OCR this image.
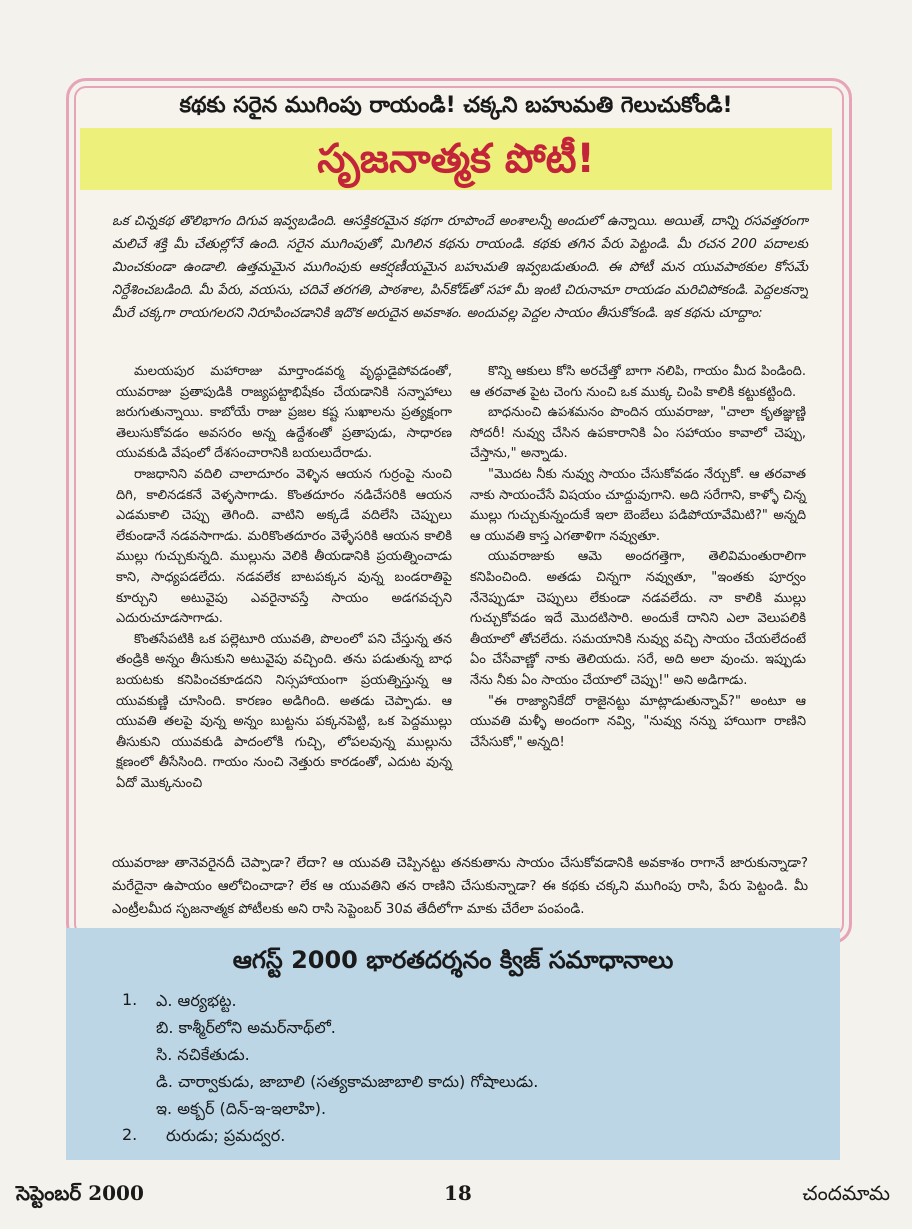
కథకు సరైన ముగింపు రాయండి! చక్కని బహుమతి గెలుచుకోండి!
సృజనాత్మక పోటీ!
ఒక చిన్నకథ తొలిభాగం దిగువ ఇవ్వబడింది. ఆసక్తికరమైన కథగా రూపొందే అంశాలన్నీ అందులో ఉన్నాయి. అయితే, దాన్ని రసవత్తరంగా మలిచే శక్తి మీ చేతుల్లోనే ఉంది. సరైన ముగింపుతో, మిగిలిన కథను రాయండి. కథకు తగిన పేరు పెట్టండి. మీ రచన 200 పదాలకు మించకుండా ఉండాలి. ఉత్తమమైన ముగింపుకు ఆకర్షణీయమైన బహుమతి ఇవ్వబడుతుంది. ఈ పోటీ మన యువపాఠకుల కోసమే నిర్దేశించబడింది. మీ పేరు, వయసు, చదివే తరగతి, పాఠశాల, పిన్‌కోడ్‌తో సహా మీ ఇంటి చిరునామా రాయడం మరిచిపోకండి. పెద్దలకన్నా మీరే చక్కగా రాయగలరని నిరూపించడానికి ఇదొక అరుదైన అవకాశం. అందువల్ల పెద్దల సాయం తీసుకోకండి. ఇక కథను చూద్దాం:

మలయపుర మహారాజు మార్తాండవర్మ వృద్ధుడైపోవడంతో, యువరాజు ప్రతాపుడికి రాజ్యపట్టాభిషేకం చేయడానికి సన్నాహాలు జరుగుతున్నాయి. కాబోయే రాజు ప్రజల కష్ట సుఖాలను ప్రత్యక్షంగా తెలుసుకోవడం అవసరం అన్న ఉద్దేశంతో ప్రతాపుడు, సాధారణ యువకుడి వేషంలో దేశసంచారానికి బయలుదేరాడు.

రాజధానిని వదిలి చాలాదూరం వెళ్ళిన ఆయన గుర్రంపై నుంచి దిగి, కాలినడకనే వెళ్ళసాగాడు. కొంతదూరం నడిచేసరికి ఆయన ఎడమకాలి చెప్పు తెగింది. వాటిని అక్కడే వదిలేసి చెప్పులు లేకుండానే నడవసాగాడు. మరికొంతదూరం వెళ్ళేసరికి ఆయన కాలికి ముల్లు గుచ్చుకున్నది. ముల్లును వెలికి తీయడానికి ప్రయత్నించాడు కాని, సాధ్యపడలేదు. నడవలేక బాటపక్కన వున్న బండరాతిపై కూర్చుని అటువైపు ఎవరైనావస్తే సాయం అడగవచ్చని ఎదురుచూడసాగాడు.

కొంతసేపటికి ఒక పల్లెటూరి యువతి, పొలంలో పని చేస్తున్న తన తండ్రికి అన్నం తీసుకుని అటువైపు వచ్చింది. తను పడుతున్న బాధ బయటకు కనిపించకూడదని నిస్సహాయంగా ప్రయత్నిస్తున్న ఆ యువకుణ్ణి చూసింది. కారణం అడిగింది. అతడు చెప్పాడు. ఆ యువతి తలపై వున్న అన్నం బుట్టను పక్కనపెట్టి, ఒక పెద్దముల్లు తీసుకుని యువకుడి పాదంలోకి గుచ్చి, లోపలవున్న ముల్లును క్షణంలో తీసేసింది. గాయం నుంచి నెత్తురు కారడంతో, ఎదుట వున్న ఏదో మొక్కనుంచి

కొన్ని ఆకులు కోసి అరచేత్తో బాగా నలిపి, గాయం మీద పిండింది. ఆ తరవాత పైట చెంగు నుంచి ఒక ముక్క చింపి కాలికి కట్టుకట్టింది.

బాధనుంచి ఉపశమనం పొందిన యువరాజు, "చాలా కృతజ్ఞుణ్ణి సోదరీ! నువ్వు చేసిన ఉపకారానికి ఏం సహాయం కావాలో చెప్పు, చేస్తాను," అన్నాడు.

"మొదట నీకు నువ్వు సాయం చేసుకోవడం నేర్చుకో. ఆ తరవాత నాకు సాయంచేసే విషయం చూద్దువుగాని. అది సరేగాని, కాళ్ళో చిన్న ముల్లు గుచ్చుకున్నందుకే ఇలా బెంబేలు పడిపోయావేమిటి?" అన్నది ఆ యువతి కాస్త ఎగతాళిగా నవ్వుతూ.

యువరాజుకు ఆమె అందగత్తెగా, తెలివిమంతురాలిగా కనిపించింది. అతడు చిన్నగా నవ్వుతూ, "ఇంతకు పూర్వం నేనెప్పుడూ చెప్పులు లేకుండా నడవలేదు. నా కాలికి ముల్లు గుచ్చుకోవడం ఇదే మొదటిసారి. అందుకే దానిని ఎలా వెలుపలికి తీయాలో తోచలేదు. సమయానికి నువ్వు వచ్చి సాయం చేయలేదంటే ఏం చేసేవాణ్ణో నాకు తెలియదు. సరే, అది అలా వుంచు. ఇప్పుడు నేను నీకు ఏం సాయం చేయాలో చెప్పు!" అని అడిగాడు.

"ఈ రాజ్యానికేదో రాజైనట్టు మాట్లాడుతున్నావ్?" అంటూ ఆ యువతి మళ్ళీ అందంగా నవ్వి, "నువ్వు నన్ను హాయిగా రాణిని చేసేసుకో," అన్నది!

యువరాజు తానెవరైనదీ చెప్పాడా? లేదా? ఆ యువతి చెప్పినట్టు తనకుతాను సాయం చేసుకోవడానికి అవకాశం రాగానే జారుకున్నాడా? మరేదైనా ఉపాయం ఆలోచించాడా? లేక ఆ యువతిని తన రాణిని చేసుకున్నాడా? ఈ కథకు చక్కని ముగింపు రాసి, పేరు పెట్టండి. మీ ఎంట్రీలమీద సృజనాత్మక పోటీలకు అని రాసి సెప్టెంబర్ 30వ తేదీలోగా మాకు చేరేలా పంపండి.
ఆగస్ట్ 2000 భారతదర్శనం క్విజ్ సమాధానాలు
1. ఎ. ఆర్యభట్ట.
బి. కాశ్మీర్‌లోని అమర్‌నాథ్‌లో.
సి. నచికేతుడు.
డి. చార్వాకుడు, జాబాలి (సత్యకామజాబాలి కాదు) గోషాలుడు.
ఇ. అక్బర్ (దిన్-ఇ-ఇలాహి).
2. రురుడు; ప్రమద్వర.
సెప్టెంబర్ 2000	18	చందమామ
